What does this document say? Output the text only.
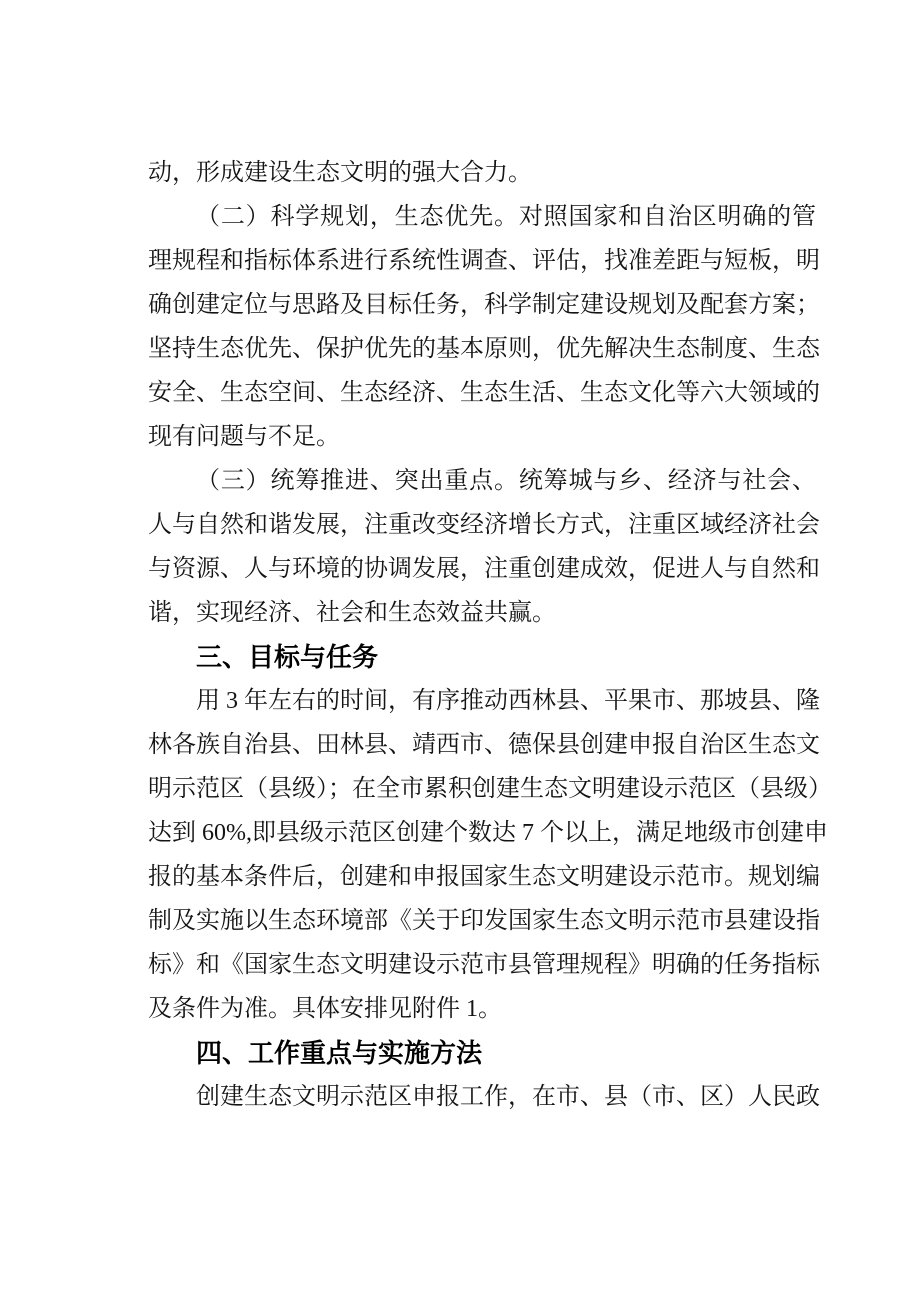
动，形成建设生态文明的强大合力。
（二）科学规划，生态优先。对照国家和自治区明确的管
理规程和指标体系进行系统性调查、评估，找准差距与短板，明
确创建定位与思路及目标任务，科学制定建设规划及配套方案；
坚持生态优先、保护优先的基本原则，优先解决生态制度、生态
安全、生态空间、生态经济、生态生活、生态文化等六大领域的
现有问题与不足。
（三）统筹推进、突出重点。统筹城与乡、经济与社会、
人与自然和谐发展，注重改变经济增长方式，注重区域经济社会
与资源、人与环境的协调发展，注重创建成效，促进人与自然和
谐，实现经济、社会和生态效益共赢。
三、目标与任务
用 3 年左右的时间，有序推动西林县、平果市、那坡县、隆
林各族自治县、田林县、靖西市、德保县创建申报自治区生态文
明示范区（县级）；在全市累积创建生态文明建设示范区（县级）
达到 60%,即县级示范区创建个数达 7 个以上，满足地级市创建申
报的基本条件后，创建和申报国家生态文明建设示范市。规划编
制及实施以生态环境部《关于印发国家生态文明示范市县建设指
标》和《国家生态文明建设示范市县管理规程》明确的任务指标
及条件为准。具体安排见附件 1。
四、工作重点与实施方法
创建生态文明示范区申报工作，在市、县（市、区）人民政
